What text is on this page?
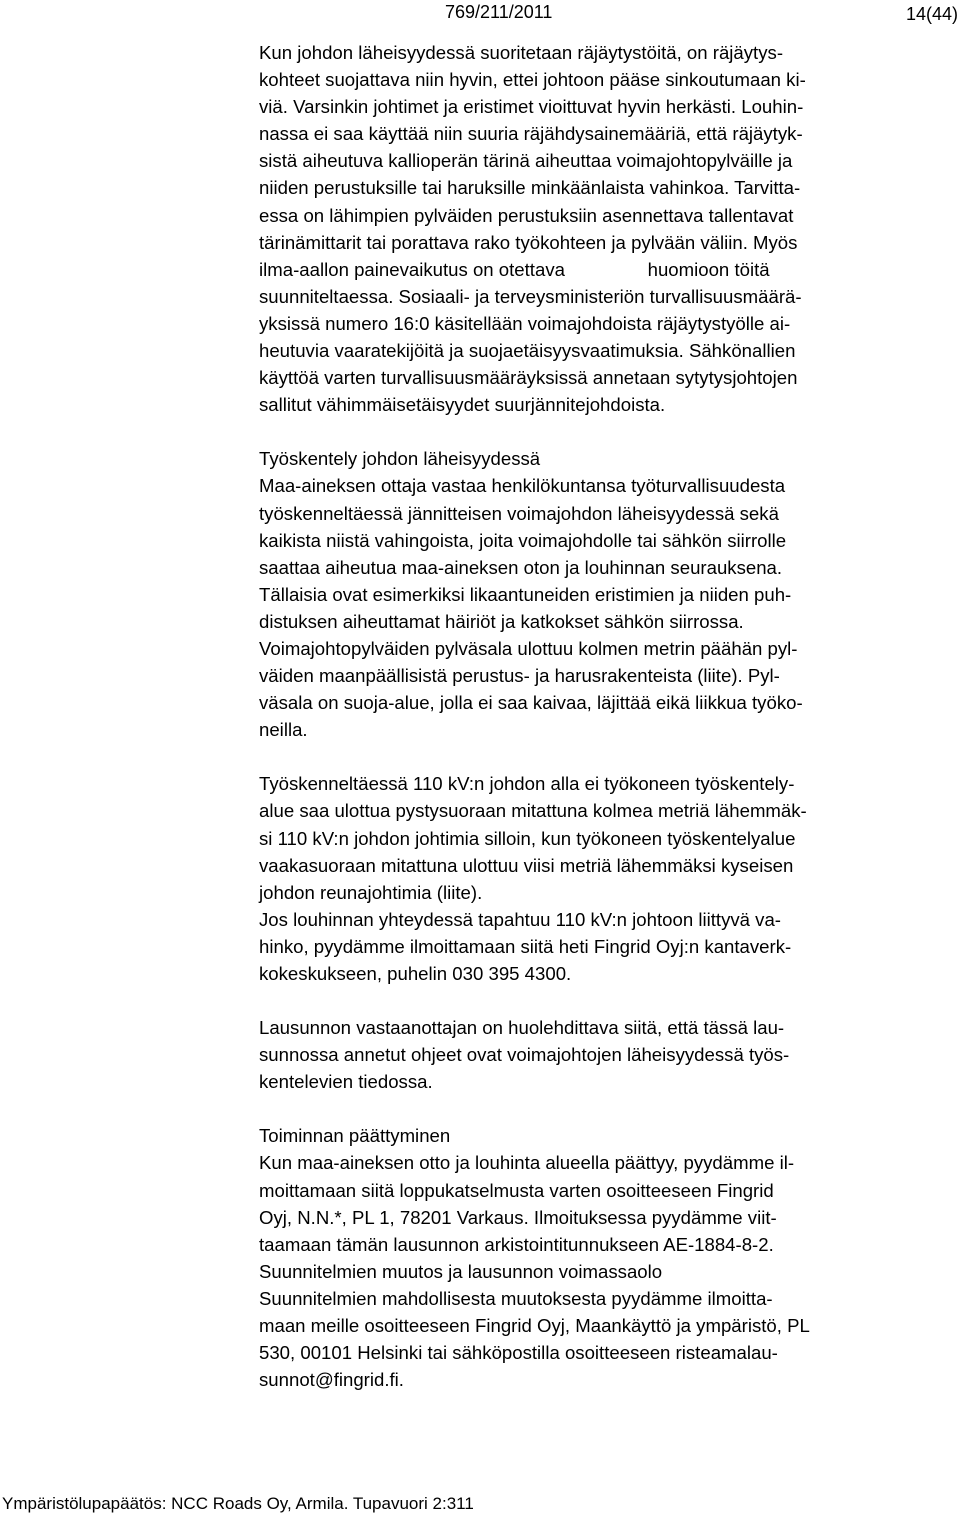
769/211/2011	14(44)
Kun johdon läheisyydessä suoritetaan räjäytystöitä, on räjäytys-
kohteet suojattava niin hyvin, ettei johtoon pääse sinkoutumaan ki-
viä. Varsinkin johtimet ja eristimet vioittuvat hyvin herkästi. Louhin-
nassa ei saa käyttää niin suuria räjähdysainemääriä, että räjäytyk-
sistä aiheutuva kallioperän tärinä aiheuttaa voimajohtopylväille ja
niiden perustuksille tai haruksille minkäänlaista vahinkoa. Tarvitta-
essa on lähimpien pylväiden perustuksiin asennettava tallentavat
tärinämittarit tai porattava rako työkohteen ja pylvään väliin. Myös
ilma-aallon painevaikutus on otettava                huomioon töitä
suunniteltaessa. Sosiaali- ja terveysministeriön turvallisuusmäärä-
yksissä numero 16:0 käsitellään voimajohdoista räjäytystyölle ai-
heutuvia vaaratekijöitä ja suojaetäisyysvaatimuksia. Sähkönallien
käyttöä varten turvallisuusmääräyksissä annetaan sytytysjohtojen
sallitut vähimmäisetäisyydet suurjännitejohdoista.
Työskentely johdon läheisyydessä
Maa-aineksen ottaja vastaa henkilökuntansa työturvallisuudesta
työskenneltäessä jännitteisen voimajohdon läheisyydessä sekä
kaikista niistä vahingoista, joita voimajohdolle tai sähkön siirrolle
saattaa aiheutua maa-aineksen oton ja louhinnan seurauksena.
Tällaisia ovat esimerkiksi likaantuneiden eristimien ja niiden puh-
distuksen aiheuttamat häiriöt ja katkokset sähkön siirrossa.
Voimajohtopylväiden pylväsala ulottuu kolmen metrin päähän pyl-
väiden maanpäällisistä perustus- ja harusrakenteista (liite). Pyl-
väsala on suoja-alue, jolla ei saa kaivaa, läjittää eikä liikkua työko-
neilla.
Työskenneltäessä 110 kV:n johdon alla ei työkoneen työskentely-
alue saa ulottua pystysuoraan mitattuna kolmea metriä lähemmäk-
si 110 kV:n johdon johtimia silloin, kun työkoneen työskentelyalue
vaakasuoraan mitattuna ulottuu viisi metriä lähemmäksi kyseisen
johdon reunajohtimia (liite).
Jos louhinnan yhteydessä tapahtuu 110 kV:n johtoon liittyvä va-
hinko, pyydämme ilmoittamaan siitä heti Fingrid Oyj:n kantaverk-
kokeskukseen, puhelin 030 395 4300.
Lausunnon vastaanottajan on huolehdittava siitä, että tässä lau-
sunnossa annetut ohjeet ovat voimajohtojen läheisyydessä työs-
kentelevien tiedossa.
Toiminnan päättyminen
Kun maa-aineksen otto ja louhinta alueella päättyy, pyydämme il-
moittamaan siitä loppukatselmusta varten osoitteeseen Fingrid
Oyj, N.N.*, PL 1, 78201 Varkaus. Ilmoituksessa pyydämme viit-
taamaan tämän lausunnon arkistointitunnukseen AE-1884-8-2.
Suunnitelmien muutos ja lausunnon voimassaolo
Suunnitelmien mahdollisesta muutoksesta pyydämme ilmoitta-
maan meille osoitteeseen Fingrid Oyj, Maankäyttö ja ympäristö, PL
530, 00101 Helsinki tai sähköpostilla osoitteeseen risteamalau-
sunnot@fingrid.fi.
Ympäristölupapäätös: NCC Roads Oy, Armila. Tupavuori 2:311
